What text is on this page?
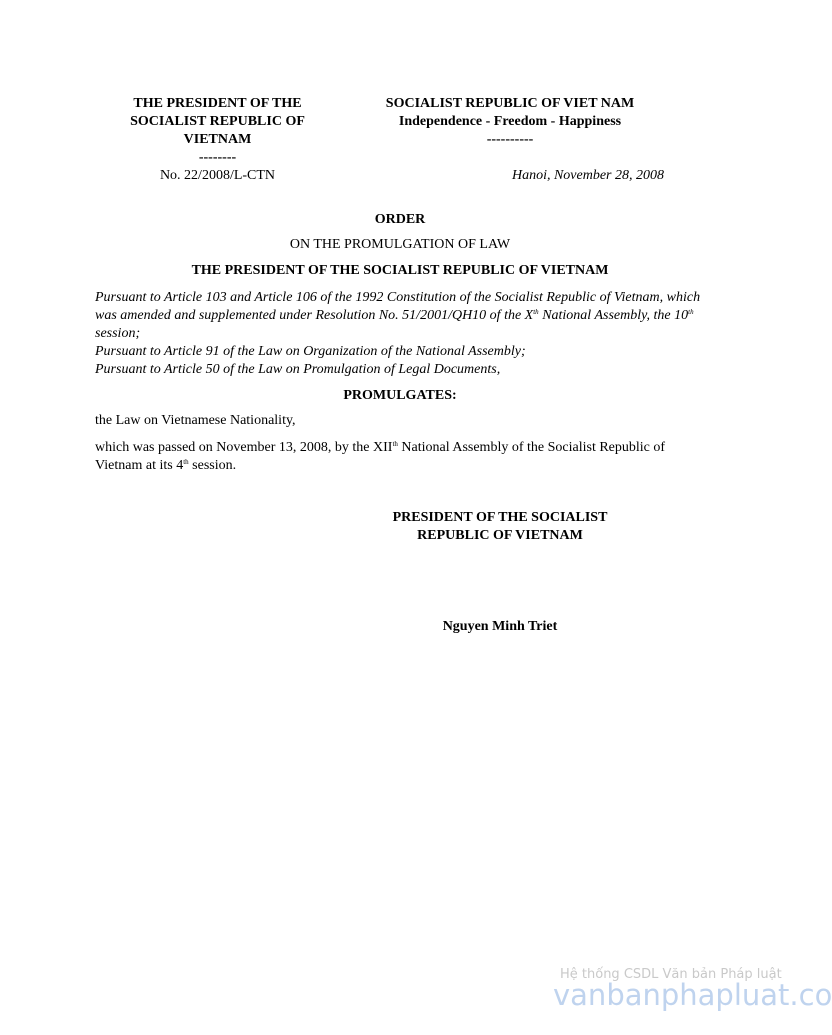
THE PRESIDENT OF THE
SOCIALIST REPUBLIC OF
VIETNAM
--------
SOCIALIST REPUBLIC OF VIET NAM
Independence - Freedom - Happiness
----------
No. 22/2008/L-CTN	Hanoi, November 28, 2008
ORDER
ON THE PROMULGATION OF LAW
THE PRESIDENT OF THE SOCIALIST REPUBLIC OF VIETNAM
Pursuant to Article 103 and Article 106 of the 1992 Constitution of the Socialist Republic of Vietnam, which was amended and supplemented under Resolution No. 51/2001/QH10 of the Xth National Assembly, the 10th session;
Pursuant to Article 91 of the Law on Organization of the National Assembly;
Pursuant to Article 50 of the Law on Promulgation of Legal Documents,
PROMULGATES:
the Law on Vietnamese Nationality,
which was passed on November 13, 2008, by the XIIth National Assembly of the Socialist Republic of Vietnam at its 4th session.
PRESIDENT OF THE SOCIALIST
REPUBLIC OF VIETNAM
Nguyen Minh Triet
Hệ thống CSDL Văn bản Pháp luật
vanbanphapluat.co
